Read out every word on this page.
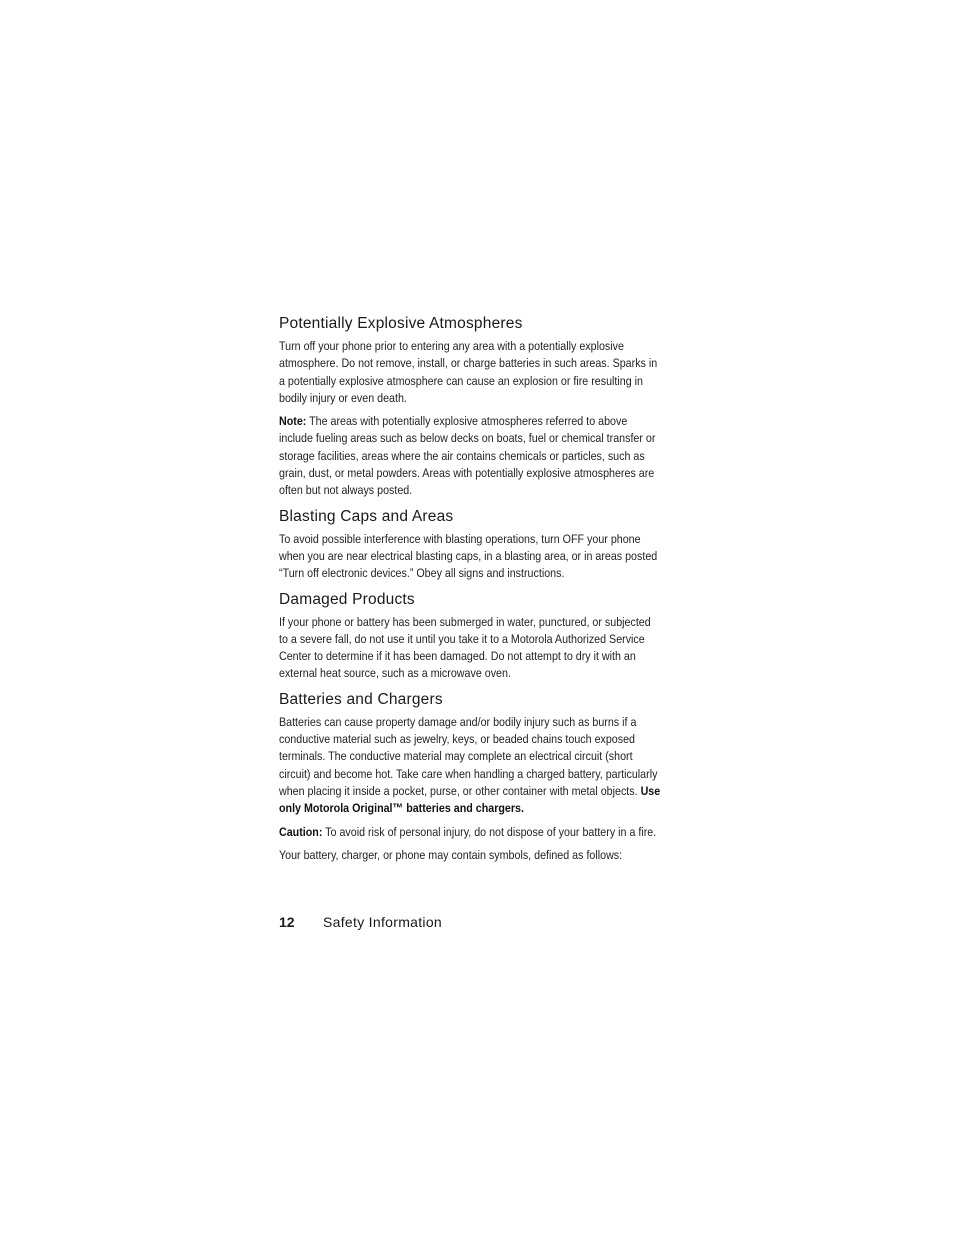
Potentially Explosive Atmospheres

Turn off your phone prior to entering any area with a potentially explosive atmosphere. Do not remove, install, or charge batteries in such areas. Sparks in a potentially explosive atmosphere can cause an explosion or fire resulting in bodily injury or even death.

Note: The areas with potentially explosive atmospheres referred to above include fueling areas such as below decks on boats, fuel or chemical transfer or storage facilities, areas where the air contains chemicals or particles, such as grain, dust, or metal powders. Areas with potentially explosive atmospheres are often but not always posted.

Blasting Caps and Areas

To avoid possible interference with blasting operations, turn OFF your phone when you are near electrical blasting caps, in a blasting area, or in areas posted “Turn off electronic devices.” Obey all signs and instructions.

Damaged Products

If your phone or battery has been submerged in water, punctured, or subjected to a severe fall, do not use it until you take it to a Motorola Authorized Service Center to determine if it has been damaged. Do not attempt to dry it with an external heat source, such as a microwave oven.

Batteries and Chargers

Batteries can cause property damage and/or bodily injury such as burns if a conductive material such as jewelry, keys, or beaded chains touch exposed terminals. The conductive material may complete an electrical circuit (short circuit) and become hot. Take care when handling a charged battery, particularly when placing it inside a pocket, purse, or other container with metal objects. Use only Motorola Original™ batteries and chargers.

Caution: To avoid risk of personal injury, do not dispose of your battery in a fire.

Your battery, charger, or phone may contain symbols, defined as follows:

12 Safety Information
